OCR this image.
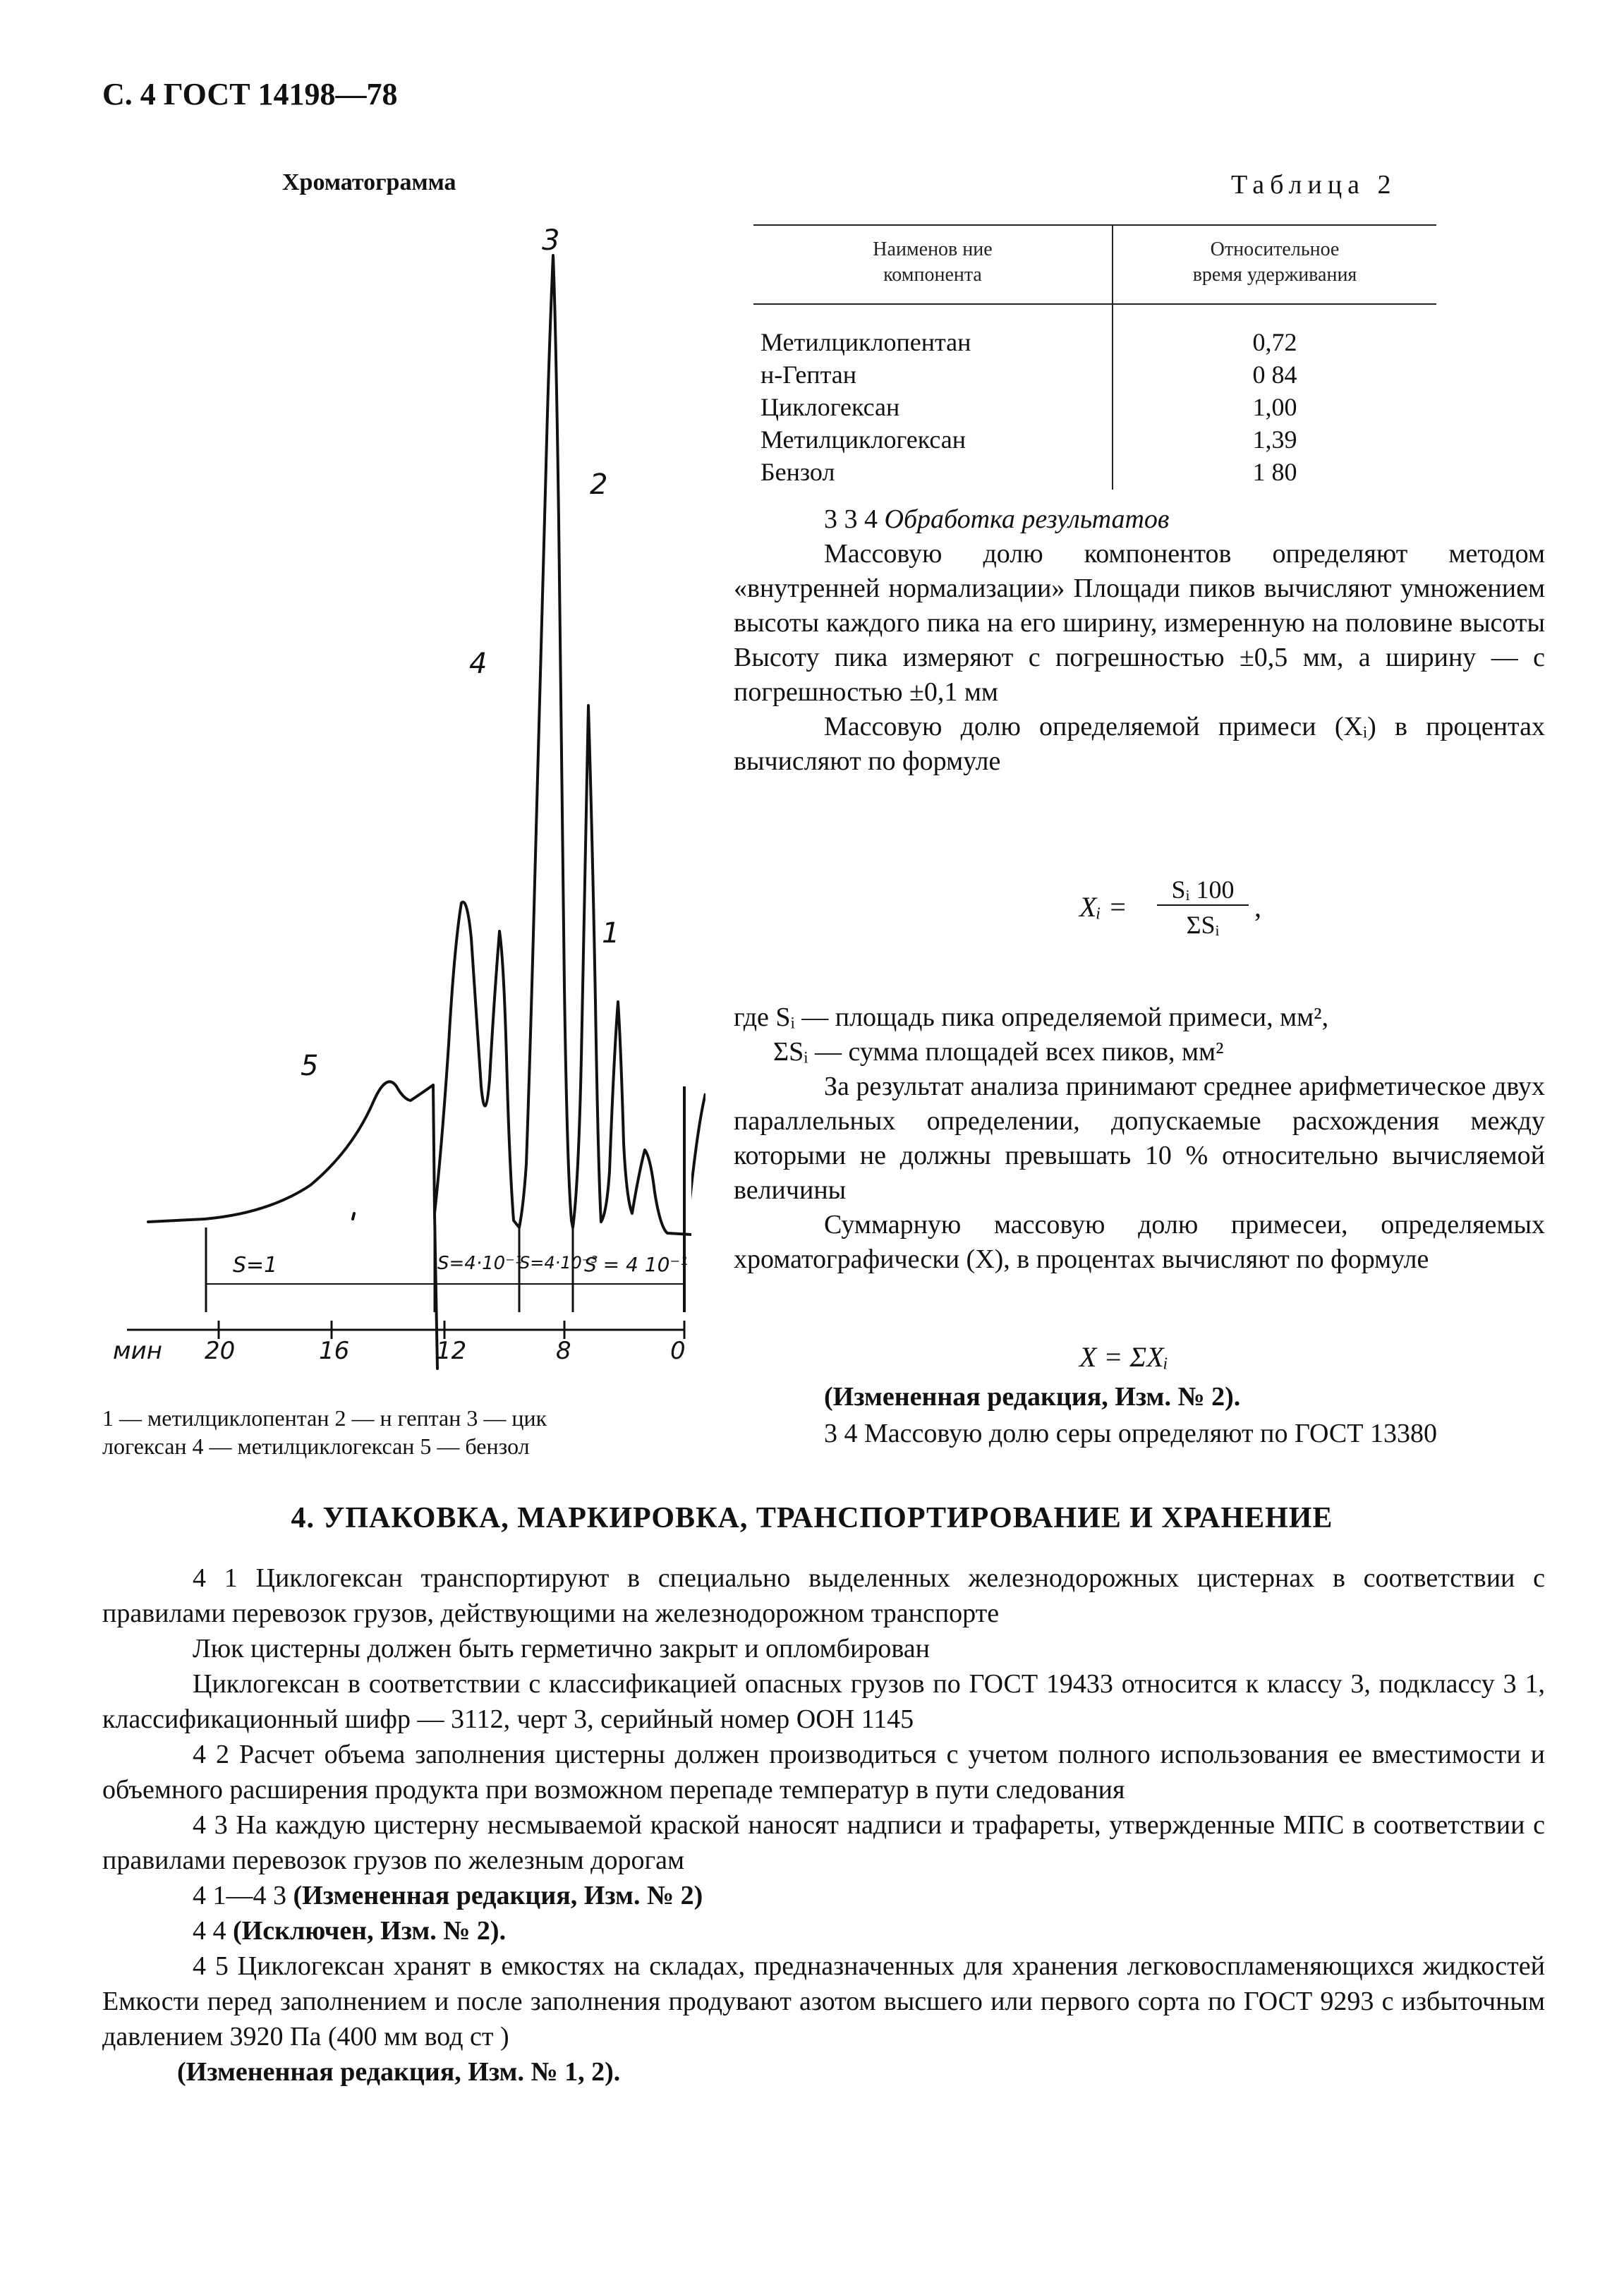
С. 4 ГОСТ 14198—78
Хроматограмма
3
2
4
1
5
S=1	S=4·10⁻¹
S=4·10⁻³
S = 4 10⁻¹
мин 20	16	12	8	0
1 — метилциклопентан 2 — н гептан 3 — цик
логексан 4 — метилциклогексан 5 — бензол
Таблица 2
Наименов ние
компонента
Относительное
время удерживания
Метилциклопентан	0,72
н-Гептан	0 84
Циклогексан	1,00
Метилциклогексан	1,39
Бензол	1 80

3 3 4 Обработка результатов

Массовую долю компонентов определяют методом «внутренней нормализации» Площади пиков вычисляют умножением высоты каждого пика на его ширину, измеренную на половине высоты Высоту пика измеряют с погрешностью ±0,5 мм, а ширину — с погрешностью ±0,1 мм

Массовую долю определяемой примеси (Xᵢ) в процентах вычисляют по формуле

Xᵢ =
Sᵢ 100
ΣSᵢ
,
где Sᵢ — площадь пика определяемой примеси, мм²,
ΣSᵢ — сумма площадей всех пиков, мм²

За результат анализа принимают среднее арифметическое двух параллельных определении, допускаемые расхождения между которыми не должны превышать 10 % относительно вычисляемой величины

Суммарную массовую долю примесеи, определяемых хроматографически (X), в процентах вычисляют по формуле

X = ΣXᵢ
(Измененная редакция, Изм. № 2).
3 4 Массовую долю серы определяют по ГОСТ 13380
4. УПАКОВКА, МАРКИРОВКА, ТРАНСПОРТИРОВАНИЕ И ХРАНЕНИЕ

4 1 Циклогексан транспортируют в специально выделенных железнодорожных цистернах в соответствии с правилами перевозок грузов, действующими на железнодорожном транспорте

Люк цистерны должен быть герметично закрыт и опломбирован

Циклогексан в соответствии с классификацией опасных грузов по ГОСТ 19433 относится к классу 3, подклассу 3 1, классификационный шифр — 3112, черт 3, серийный номер ООН 1145

4 2 Расчет объема заполнения цистерны должен производиться с учетом полного использования ее вместимости и объемного расширения продукта при возможном перепаде температур в пути следования

4 3 На каждую цистерну несмываемой краской наносят надписи и трафареты, утвержденные МПС в соответствии с правилами перевозок грузов по железным дорогам

4 1—4 3 (Измененная редакция, Изм. № 2)

4 4 (Исключен, Изм. № 2).

4 5 Циклогексан хранят в емкостях на складах, предназначенных для хранения легковоспламеняющихся жидкостей Емкости перед заполнением и после заполнения продувают азотом высшего или первого сорта по ГОСТ 9293 с избыточным давлением 3920 Па (400 мм вод ст )

(Измененная редакция, Изм. № 1, 2).
